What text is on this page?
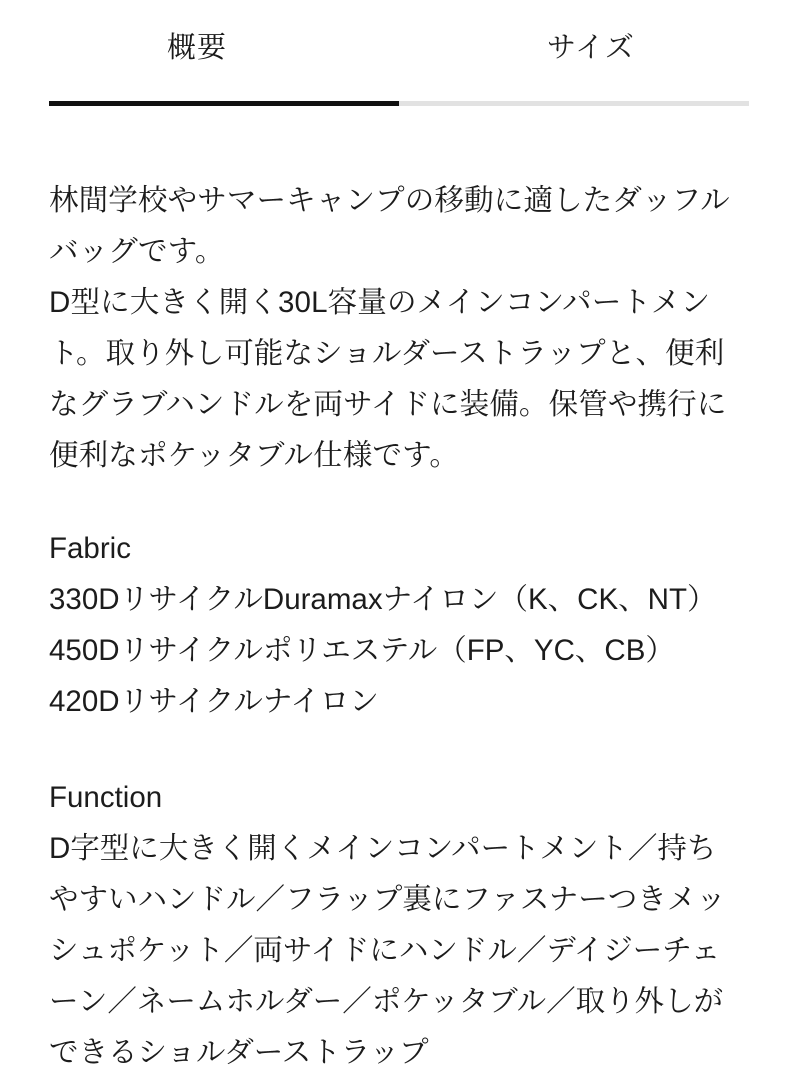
概要	サイズ

林間学校やサマーキャンプの移動に適したダッフルバッグです。

D型に大きく開く30L容量のメインコンパートメント。取り外し可能なショルダーストラップと、便利なグラブハンドルを両サイドに装備。保管や携行に便利なポケッタブル仕様です。

Fabric

330DリサイクルDuramaxナイロン（K、CK、NT）

450Dリサイクルポリエステル（FP、YC、CB）

420Dリサイクルナイロン

Function

D字型に大きく開くメインコンパートメント／持ちやすいハンドル／フラップ裏にファスナーつきメッシュポケット／両サイドにハンドル／デイジーチェーン／ネームホルダー／ポケッタブル／取り外しができるショルダーストラップ
